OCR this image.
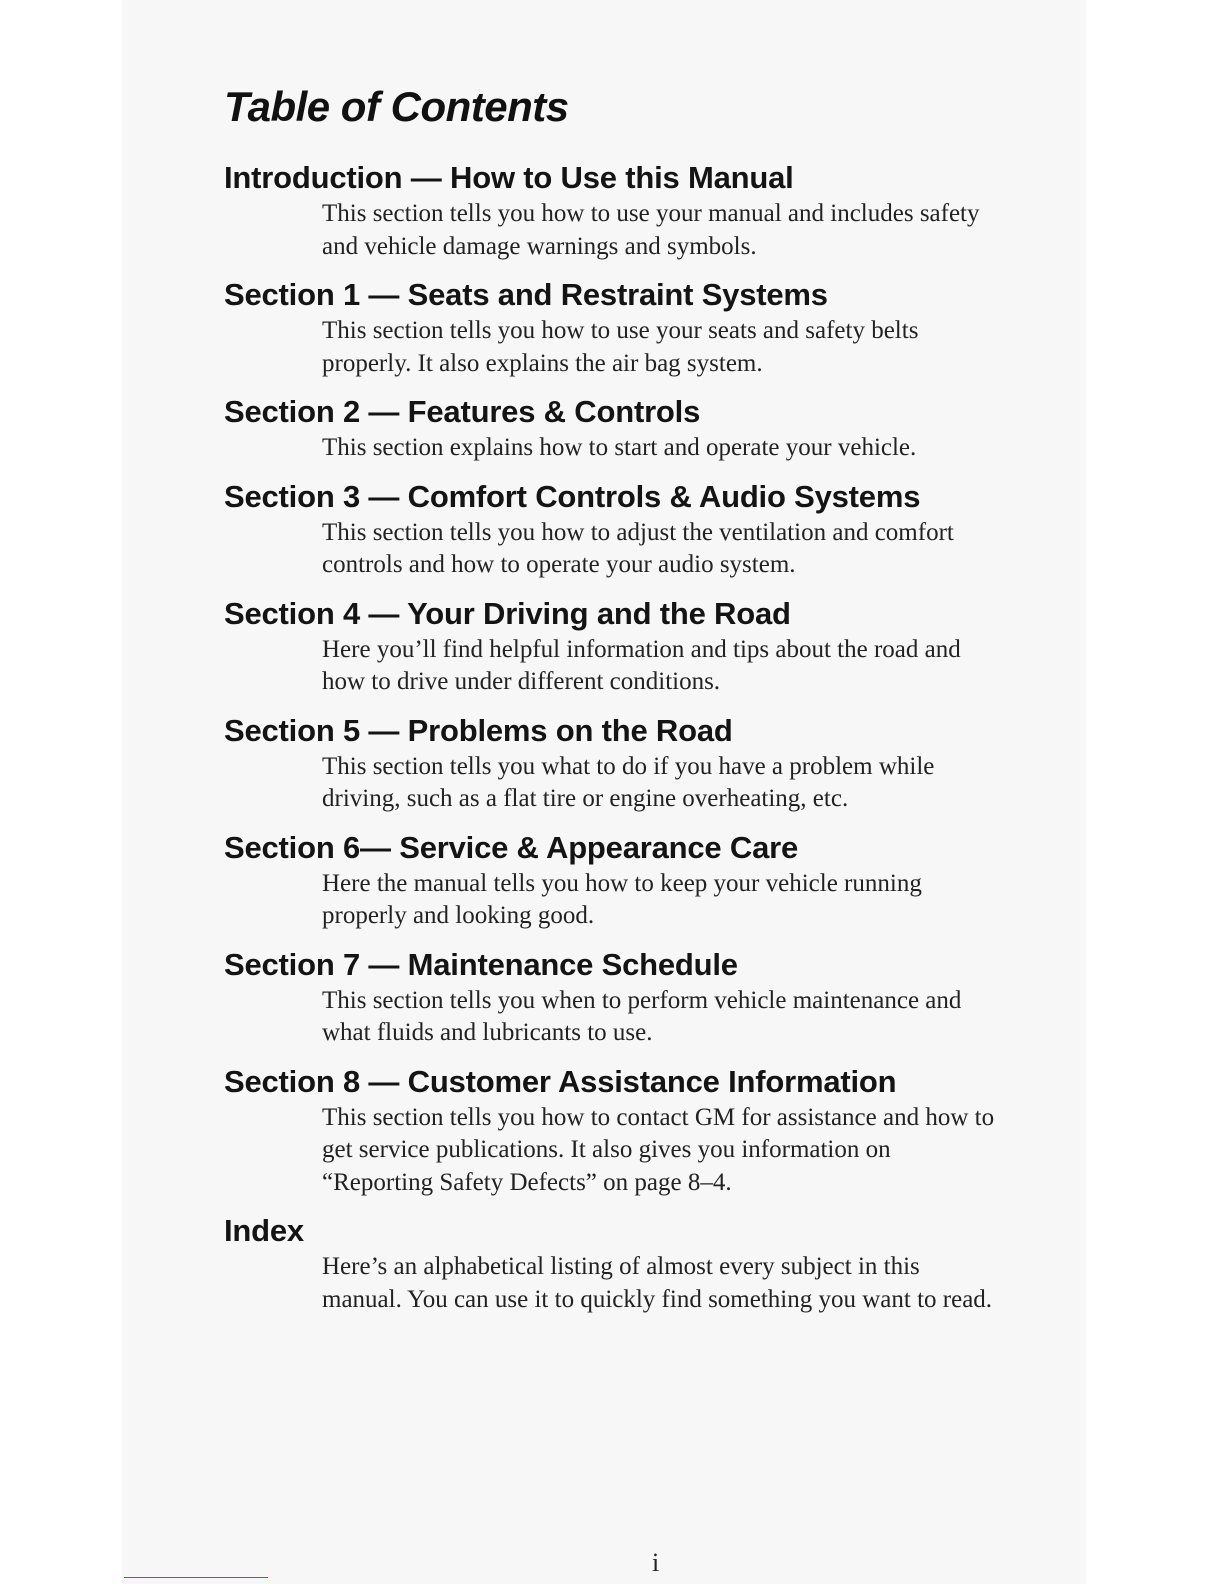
Table of Contents
Introduction — How to Use this Manual

This section tells you how to use your manual and includes safety
and vehicle damage warnings and symbols.

Section 1 — Seats and Restraint Systems

This section tells you how to use your seats and safety belts
properly. It also explains the air bag system.

Section 2 — Features & Controls

This section explains how to start and operate your vehicle.

Section 3 — Comfort Controls & Audio Systems

This section tells you how to adjust the ventilation and comfort
controls and how to operate your audio system.

Section 4 — Your Driving and the Road

Here you’ll find helpful information and tips about the road and
how to drive under different conditions.

Section 5 — Problems on the Road

This section tells you what to do if you have a problem while
driving, such as a flat tire or engine overheating, etc.

Section 6— Service & Appearance Care

Here the manual tells you how to keep your vehicle running
properly and looking good.

Section 7 — Maintenance Schedule

This section tells you when to perform vehicle maintenance and
what fluids and lubricants to use.

Section 8 — Customer Assistance Information

This section tells you how to contact GM for assistance and how to
get service publications. It also gives you information on
“Reporting Safety Defects” on page 8–4.

Index

Here’s an alphabetical listing of almost every subject in this
manual. You can use it to quickly find something you want to read.

i
